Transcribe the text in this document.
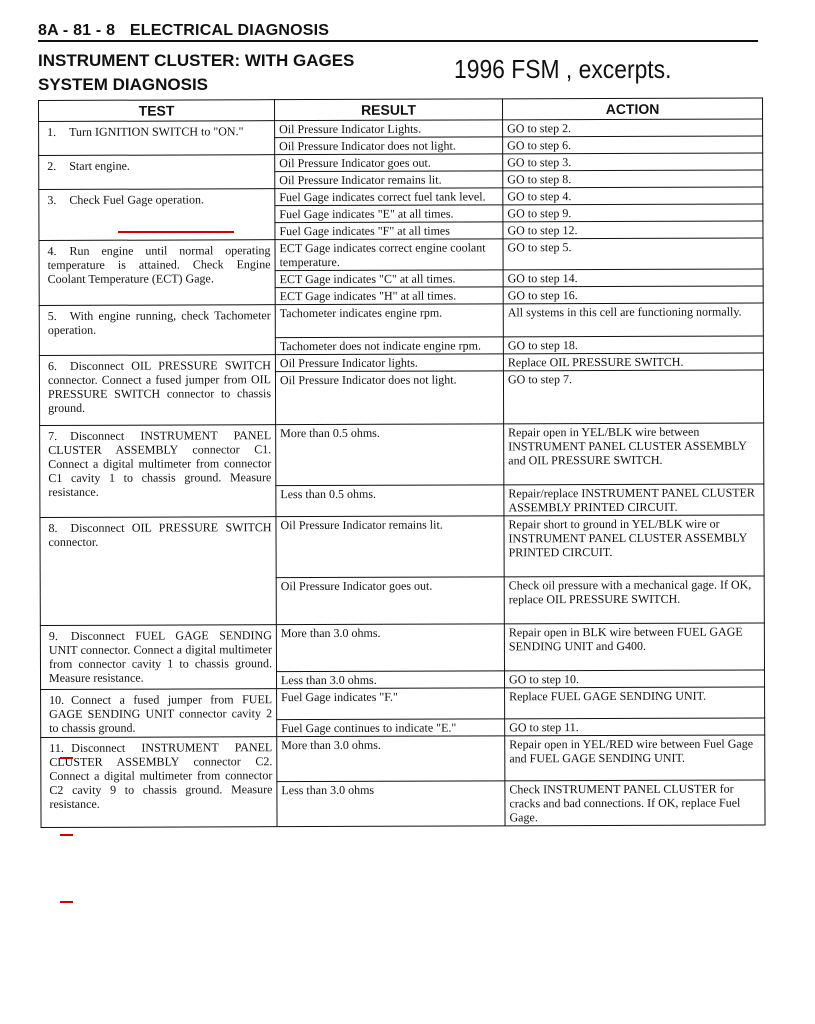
8A - 81 - 8 ELECTRICAL DIAGNOSIS
INSTRUMENT CLUSTER: WITH GAGES
SYSTEM DIAGNOSIS
1996 FSM , excerpts.
TEST	RESULT	ACTION

1. Turn IGNITION SWITCH to "ON."	Oil Pressure Indicator Lights.	GO to step 2.
	Oil Pressure Indicator does not light.	GO to step 6.

2. Start engine.	Oil Pressure Indicator goes out.	GO to step 3.
	Oil Pressure Indicator remains lit.	GO to step 8.

3. Check Fuel Gage operation.	Fuel Gage indicates correct fuel tank level.	GO to step 4.
	Fuel Gage indicates "E" at all times.	GO to step 9.
	Fuel Gage indicates "F" at all times	GO to step 12.

4. Run engine until normal operating temperature is attained. Check Engine Coolant Temperature (ECT) Gage.	ECT Gage indicates correct engine coolant temperature.	GO to step 5.
	ECT Gage indicates "C" at all times.	GO to step 14.
	ECT Gage indicates "H" at all times.	GO to step 16.

5. With engine running, check Tachometer operation.	Tachometer indicates engine rpm.	All systems in this cell are functioning normally.
	Tachometer does not indicate engine rpm.	GO to step 18.

6. Disconnect OIL PRESSURE SWITCH connector. Connect a fused jumper from OIL PRESSURE SWITCH connector to chassis ground.	Oil Pressure Indicator lights.	Replace OIL PRESSURE SWITCH.
	Oil Pressure Indicator does not light.	GO to step 7.

7. Disconnect INSTRUMENT PANEL CLUSTER ASSEMBLY connector C1. Connect a digital multimeter from connector C1 cavity 1 to chassis ground. Measure resistance.	More than 0.5 ohms.	Repair open in YEL/BLK wire between INSTRUMENT PANEL CLUSTER ASSEMBLY and OIL PRESSURE SWITCH.
	Less than 0.5 ohms.	Repair/replace INSTRUMENT PANEL CLUSTER ASSEMBLY PRINTED CIRCUIT.

8. Disconnect OIL PRESSURE SWITCH connector.	Oil Pressure Indicator remains lit.	Repair short to ground in YEL/BLK wire or INSTRUMENT PANEL CLUSTER ASSEMBLY PRINTED CIRCUIT.
	Oil Pressure Indicator goes out.	Check oil pressure with a mechanical gage. If OK, replace OIL PRESSURE SWITCH.

9. Disconnect FUEL GAGE SENDING UNIT connector. Connect a digital multimeter from connector cavity 1 to chassis ground. Measure resistance.	More than 3.0 ohms.	Repair open in BLK wire between FUEL GAGE SENDING UNIT and G400.
	Less than 3.0 ohms.	GO to step 10.

10. Connect a fused jumper from FUEL GAGE SENDING UNIT connector cavity 2 to chassis ground.	Fuel Gage indicates "F."	Replace FUEL GAGE SENDING UNIT.
	Fuel Gage continues to indicate "E."	GO to step 11.

11. Disconnect INSTRUMENT PANEL CLUSTER ASSEMBLY connector C2. Connect a digital multimeter from connector C2 cavity 9 to chassis ground. Measure resistance.	More than 3.0 ohms.	Repair open in YEL/RED wire between Fuel Gage and FUEL GAGE SENDING UNIT.
	Less than 3.0 ohms	Check INSTRUMENT PANEL CLUSTER for cracks and bad connections. If OK, replace Fuel Gage.
